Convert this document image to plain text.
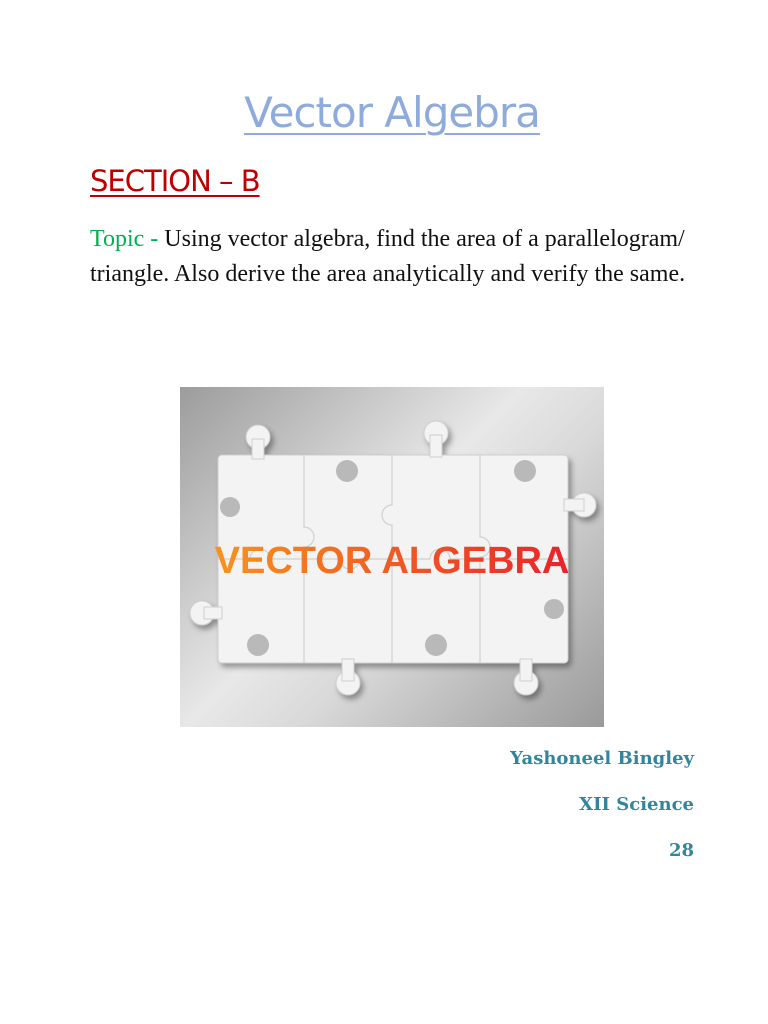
Vector Algebra
SECTION – B
Topic - Using vector algebra, find the area of a parallelogram/ triangle. Also derive the area analytically and verify the same.
VECTOR ALGEBRA
Yashoneel Bingley
XII Science
28
